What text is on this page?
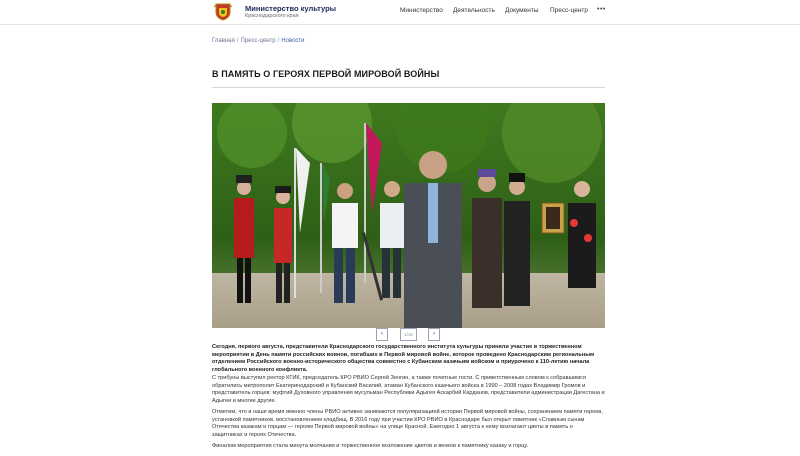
Министерство культуры
Краснодарского края
Министерство Деятельность Документы Пресс-центр •••
Главная / Пресс-центр / Новости
В ПАМЯТЬ О ГЕРОЯХ ПЕРВОЙ МИРОВОЙ ВОЙНЫ
‹	1/16	›
Сегодня, первого августа, представители Краснодарского государственного института культуры приняли участие в торжественном мероприятии в День памяти российских воинов, погибших в Первой мировой войне, которое проведено Краснодарским региональным отделением Российского военно-исторического общества совместно с Кубанским казачьим войском и приурочено к 110-летию начала глобального военного конфликта.
С трибуны выступил ректор КГИК, председатель КРО РВИО Сергей Зенгин, а также почетные гости. С приветственным словом к собравшимся обратились митрополит Екатеринодарский и Кубанский Василий, атаман Кубанского казачьего войска в 1990 – 2008 годах Владимир Громов и представитель горцев: муфтий Духовного управления мусульман Республики Адыгея Аскарбий Карданов, представители администрации Дагестана и Адыгеи и многие другие.
Отметим, что в наше время именно члены РВИО активно занимаются популяризацией истории Первой мировой войны, сохранением памяти героев, установкой памятников, восстановлением кладбищ. В 2016 году при участии КРО РВИО в Краснодаре был открыт памятник «Славным сынам Отечества казакам и горцам — героям Первой мировой войны» на улице Красной. Ежегодно 1 августа к нему возлагают цветы в память о защитниках и героях Отечества.
Финалом мероприятия стала минута молчания и торжественное возложение цветов и венков к памятнику казаку и горцу.
